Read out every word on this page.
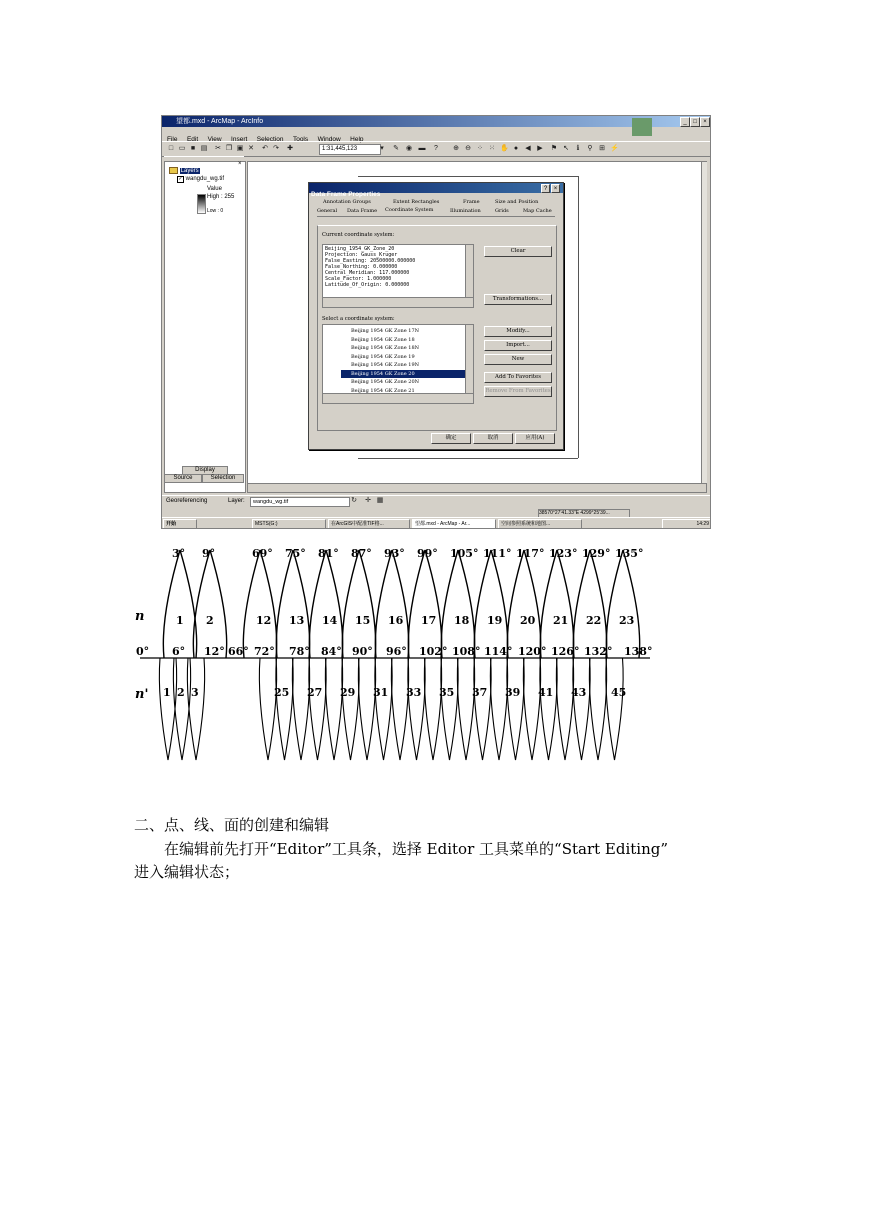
望都.mxd - ArcMap - ArcInfo	_	□	×
File Edit View Insert Selection Tools Window Help
□ ▭ ■ ▤ ✂ ❐ ▣ ✕ ↶ ↷ ✚	1:31,445,123	▾	✎ ◉ ▬ ? ⊕ ⊖ ⁘ ⁙ ✋ ● ◀ ▶ ⚑ ↖	ℹ	⚲ ⊞ ⚡
Layers
✓ wangdu_wg.tif
Value
High : 255
Low : 0
×
Display
Source	Selection
Data Frame Properties
?	×
Annotation Groups	Extent Rectangles	Frame	Size and Position
General Data Frame Coordinate System	Illumination	Grids	Map Cache
Current coordinate system:
Beijing_1954_GK_Zone_20
Projection: Gauss_Kruger
False_Easting: 20500000.000000
False_Northing: 0.000000
Central_Meridian: 117.000000
Scale_Factor: 1.000000
Latitude_Of_Origin: 0.000000
Clear
Transformations...
Select a coordinate system:
Beijing 1954 GK Zone 17N
Beijing 1954 GK Zone 18
Beijing 1954 GK Zone 18N
Beijing 1954 GK Zone 19
Beijing 1954 GK Zone 19N
Beijing 1954 GK Zone 20
Beijing 1954 GK Zone 20N
Beijing 1954 GK Zone 21
Modify...
Import...
New
Add To Favorites
Remove From Favorites
确定	取消	应用(A)
Georeferencing	Layer:	wangdu_wg.tif	↻ ✛ ▦
38570°27'41.33"E 4299°25'39...
开始	MSTS(G:)	在ArcGIS中配准TIF格...	望都.mxd - ArcMap - Ar...	空间参照系统和地图...	14:29
3°
1
9°
2
69°
12
75°
13
81°
14
87°
15
93°
16
99°
17
105°
18
111°
19
117°
20
123°
21
129°
22
135°
23
0° 6° 12° 66° 72° 78° 84° 90° 96° 102° 108° 114° 120° 126° 132° 138°
1 2 3	25 27 29 31 33 35 37 39 41 43 45
n
n'
二、点、线、面的创建和编辑
在编辑前先打开“Editor”工具条，选择 Editor 工具菜单的“Start Editing”
进入编辑状态；
